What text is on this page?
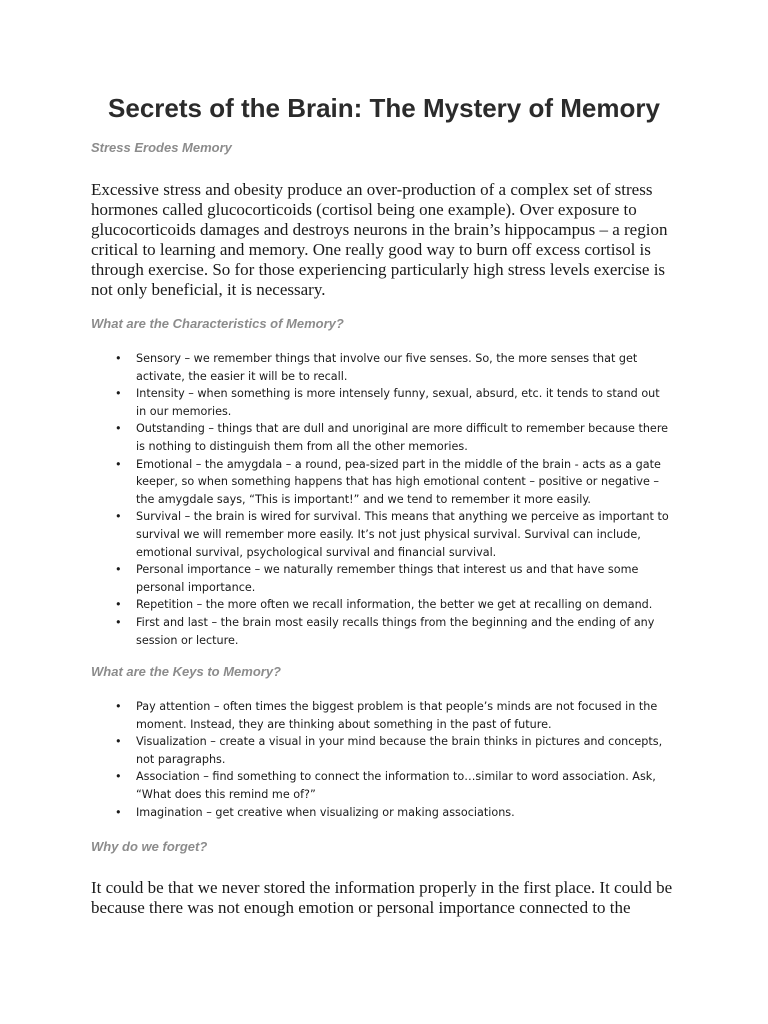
Secrets of the Brain: The Mystery of Memory
Stress Erodes Memory

Excessive stress and obesity produce an over-production of a complex set of stress hormones called glucocorticoids (cortisol being one example). Over exposure to glucocorticoids damages and destroys neurons in the brain’s hippocampus – a region critical to learning and memory. One really good way to burn off excess cortisol is through exercise. So for those experiencing particularly high stress levels exercise is not only beneficial, it is necessary.

What are the Characteristics of Memory?
• Sensory – we remember things that involve our five senses. So, the more senses that get activate, the easier it will be to recall.
• Intensity – when something is more intensely funny, sexual, absurd, etc. it tends to stand out in our memories.
• Outstanding – things that are dull and unoriginal are more difficult to remember because there is nothing to distinguish them from all the other memories.
• Emotional – the amygdala – a round, pea-sized part in the middle of the brain - acts as a gate keeper, so when something happens that has high emotional content – positive or negative – the amygdale says, “This is important!” and we tend to remember it more easily.
• Survival – the brain is wired for survival. This means that anything we perceive as important to survival we will remember more easily. It’s not just physical survival. Survival can include, emotional survival, psychological survival and financial survival.
• Personal importance – we naturally remember things that interest us and that have some personal importance.
• Repetition – the more often we recall information, the better we get at recalling on demand.
• First and last – the brain most easily recalls things from the beginning and the ending of any session or lecture.
What are the Keys to Memory?
• Pay attention – often times the biggest problem is that people’s minds are not focused in the moment. Instead, they are thinking about something in the past of future.
• Visualization – create a visual in your mind because the brain thinks in pictures and concepts, not paragraphs.
• Association – find something to connect the information to…similar to word association. Ask, “What does this remind me of?”
• Imagination – get creative when visualizing or making associations.
Why do we forget?

It could be that we never stored the information properly in the first place. It could be because there was not enough emotion or personal importance connected to the
